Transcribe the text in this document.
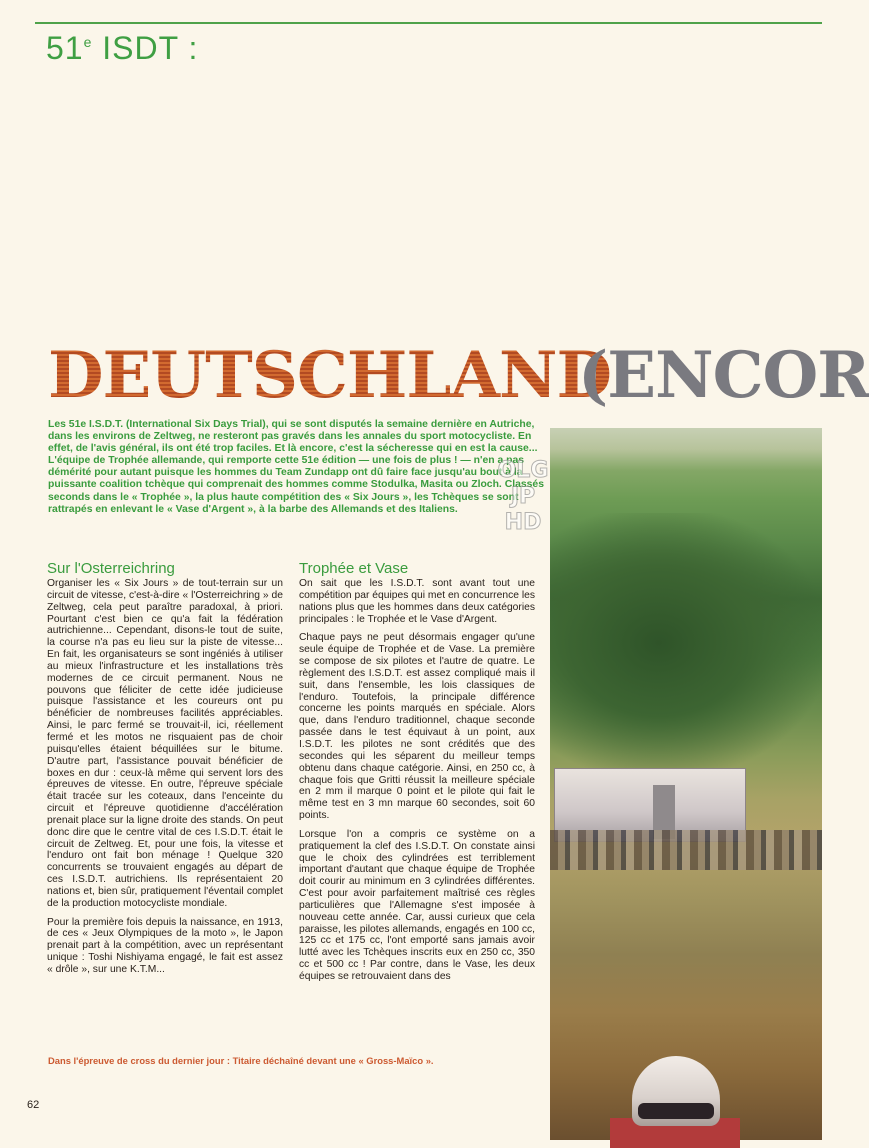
51e ISDT :
DEUTSCHLAND
(ENCOR

Les 51e I.S.D.T. (International Six Days Trial), qui se sont disputés la semaine dernière en Autriche, dans les environs de Zeltweg, ne resteront pas gravés dans les annales du sport motocycliste. En effet, de l'avis général, ils ont été trop faciles. Et là encore, c'est la sécheresse qui en est la cause... L'équipe de Trophée allemande, qui remporte cette 51e édition — une fois de plus ! — n'en a pas démérité pour autant puisque les hommes du Team Zundapp ont dû faire face jusqu'au bout à la puissante coalition tchèque qui comprenait des hommes comme Stodulka, Masita ou Zloch. Classés seconds dans le « Trophée », la plus haute compétition des « Six Jours », les Tchèques se sont rattrapés en enlevant le « Vase d'Argent », à la barbe des Allemands et des Italiens.

OLG
JP
HD
Sur l'Osterreichring

Organiser les « Six Jours » de tout-terrain sur un circuit de vitesse, c'est-à-dire « l'Osterreichring » de Zeltweg, cela peut paraître paradoxal, à priori. Pourtant c'est bien ce qu'a fait la fédération autrichienne... Cependant, disons-le tout de suite, la course n'a pas eu lieu sur la piste de vitesse... En fait, les organisateurs se sont ingéniés à utiliser au mieux l'infrastructure et les installations très modernes de ce circuit permanent. Nous ne pouvons que féliciter de cette idée judicieuse puisque l'assistance et les coureurs ont pu bénéficier de nombreuses facilités appréciables. Ainsi, le parc fermé se trouvait-il, ici, réellement fermé et les motos ne risquaient pas de choir puisqu'elles étaient béquillées sur le bitume. D'autre part, l'assistance pouvait bénéficier de boxes en dur : ceux-là même qui servent lors des épreuves de vitesse. En outre, l'épreuve spéciale était tracée sur les coteaux, dans l'enceinte du circuit et l'épreuve quotidienne d'accélération prenait place sur la ligne droite des stands. On peut donc dire que le centre vital de ces I.S.D.T. était le circuit de Zeltweg. Et, pour une fois, la vitesse et l'enduro ont fait bon ménage ! Quelque 320 concurrents se trouvaient engagés au départ de ces I.S.D.T. autrichiens. Ils représentaient 20 nations et, bien sûr, pratiquement l'éventail complet de la production motocycliste mondiale.

Pour la première fois depuis la naissance, en 1913, de ces « Jeux Olympiques de la moto », le Japon prenait part à la compétition, avec un représentant unique : Toshi Nishiyama engagé, le fait est assez « drôle », sur une K.T.M...

Trophée et Vase

On sait que les I.S.D.T. sont avant tout une compétition par équipes qui met en concurrence les nations plus que les hommes dans deux catégories principales : le Trophée et le Vase d'Argent.

Chaque pays ne peut désormais engager qu'une seule équipe de Trophée et de Vase. La première se compose de six pilotes et l'autre de quatre. Le règlement des I.S.D.T. est assez compliqué mais il suit, dans l'ensemble, les lois classiques de l'enduro. Toutefois, la principale différence concerne les points marqués en spéciale. Alors que, dans l'enduro traditionnel, chaque seconde passée dans le test équivaut à un point, aux I.S.D.T. les pilotes ne sont crédités que des secondes qui les séparent du meilleur temps obtenu dans chaque catégorie. Ainsi, en 250 cc, à chaque fois que Gritti réussit la meilleure spéciale en 2 mm il marque 0 point et le pilote qui fait le même test en 3 mn marque 60 secondes, soit 60 points.

Lorsque l'on a compris ce système on a pratiquement la clef des I.S.D.T. On constate ainsi que le choix des cylindrées est terriblement important d'autant que chaque équipe de Trophée doit courir au minimum en 3 cylindrées différentes. C'est pour avoir parfaitement maîtrisé ces règles particulières que l'Allemagne s'est imposée à nouveau cette année. Car, aussi curieux que cela paraisse, les pilotes allemands, engagés en 100 cc, 125 cc et 175 cc, l'ont emporté sans jamais avoir lutté avec les Tchèques inscrits eux en 250 cc, 350 cc et 500 cc ! Par contre, dans le Vase, les deux équipes se retrouvaient dans des

Dans l'épreuve de cross du dernier jour : Titaire déchaîné devant une « Gross-Maïco ».

62
